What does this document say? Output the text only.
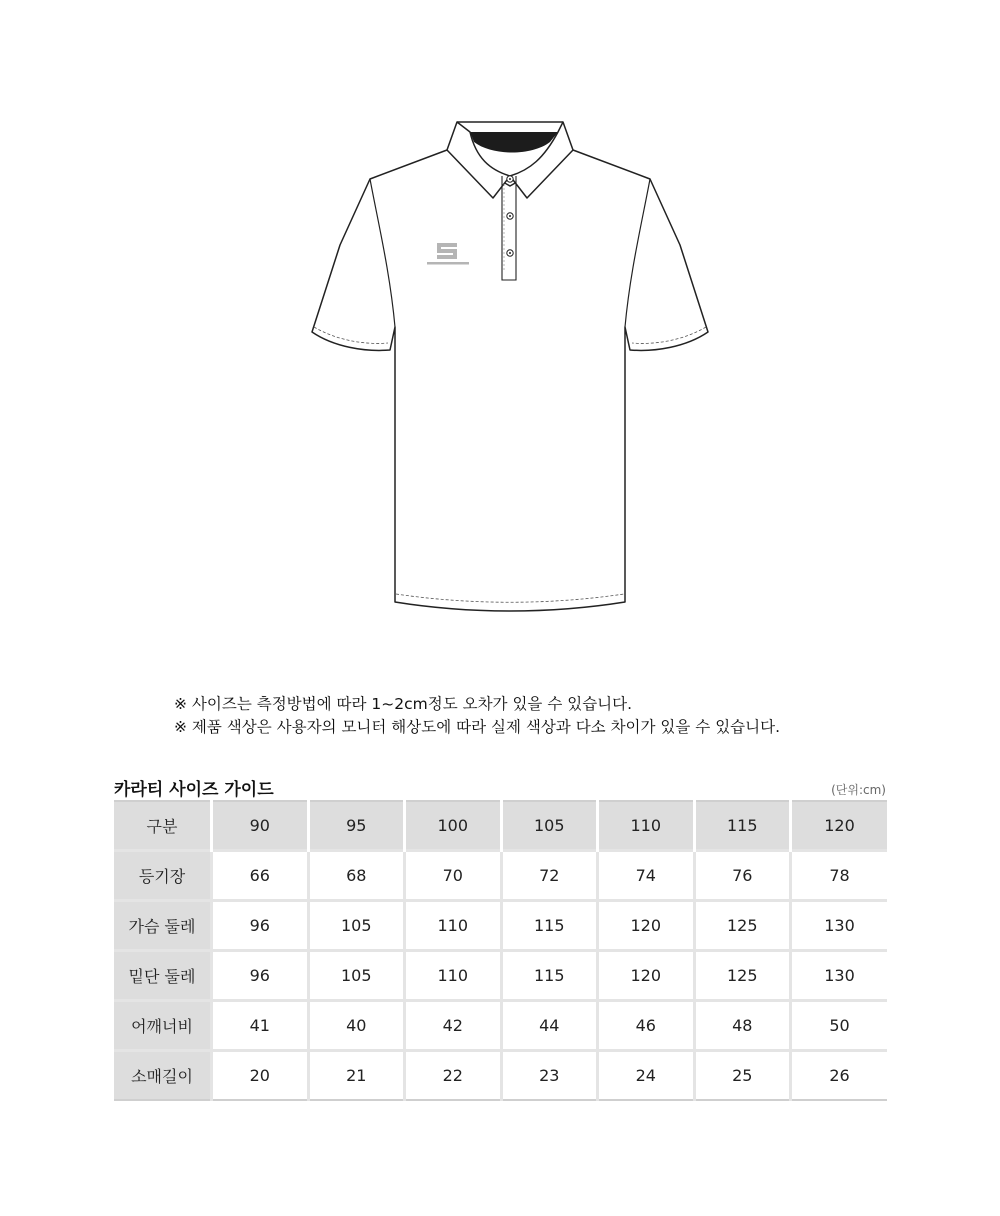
※ 사이즈는 측정방법에 따라 1~2cm정도 오차가 있을 수 있습니다.

※ 제품 색상은 사용자의 모니터 해상도에 따라 실제 색상과 다소 차이가 있을 수 있습니다.

카라티 사이즈 가이드	(단위:cm)
구분	90	95	100	105	110	115	120
등기장	66	68	70	72	74	76	78
가슴 둘레	96	105	110	115	120	125	130
밑단 둘레	96	105	110	115	120	125	130
어깨너비	41	40	42	44	46	48	50
소매길이	20	21	22	23	24	25	26
